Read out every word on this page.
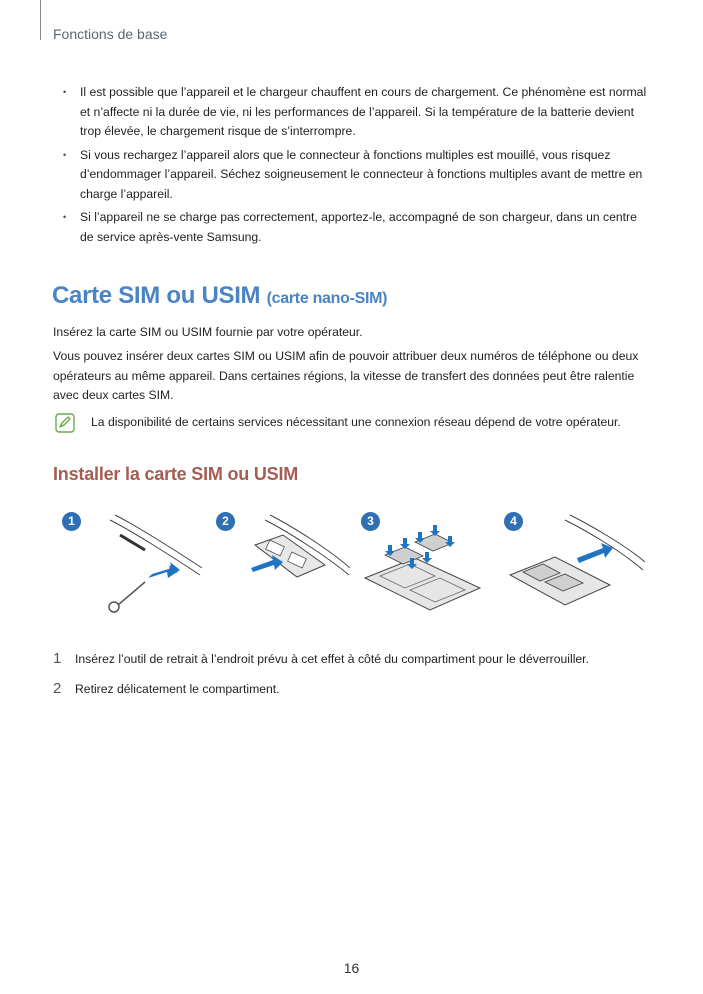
Fonctions de base
• Il est possible que l’appareil et le chargeur chauffent en cours de chargement. Ce phénomène est normal et n’affecte ni la durée de vie, ni les performances de l’appareil. Si la température de la batterie devient trop élevée, le chargement risque de s’interrompre.
• Si vous rechargez l’appareil alors que le connecteur à fonctions multiples est mouillé, vous risquez d’endommager l’appareil. Séchez soigneusement le connecteur à fonctions multiples avant de mettre en charge l’appareil.
• Si l’appareil ne se charge pas correctement, apportez-le, accompagné de son chargeur, dans un centre de service après-vente Samsung.
Carte SIM ou USIM (carte nano-SIM)

Insérez la carte SIM ou USIM fournie par votre opérateur.

Vous pouvez insérer deux cartes SIM ou USIM afin de pouvoir attribuer deux numéros de téléphone ou deux opérateurs au même appareil. Dans certaines régions, la vitesse de transfert des données peut être ralentie avec deux cartes SIM.

La disponibilité de certains services nécessitant une connexion réseau dépend de votre opérateur.
Installer la carte SIM ou USIM
1	2	3	4
1 Insérez l’outil de retrait à l’endroit prévu à cet effet à côté du compartiment pour le déverrouiller.
2 Retirez délicatement le compartiment.
16
